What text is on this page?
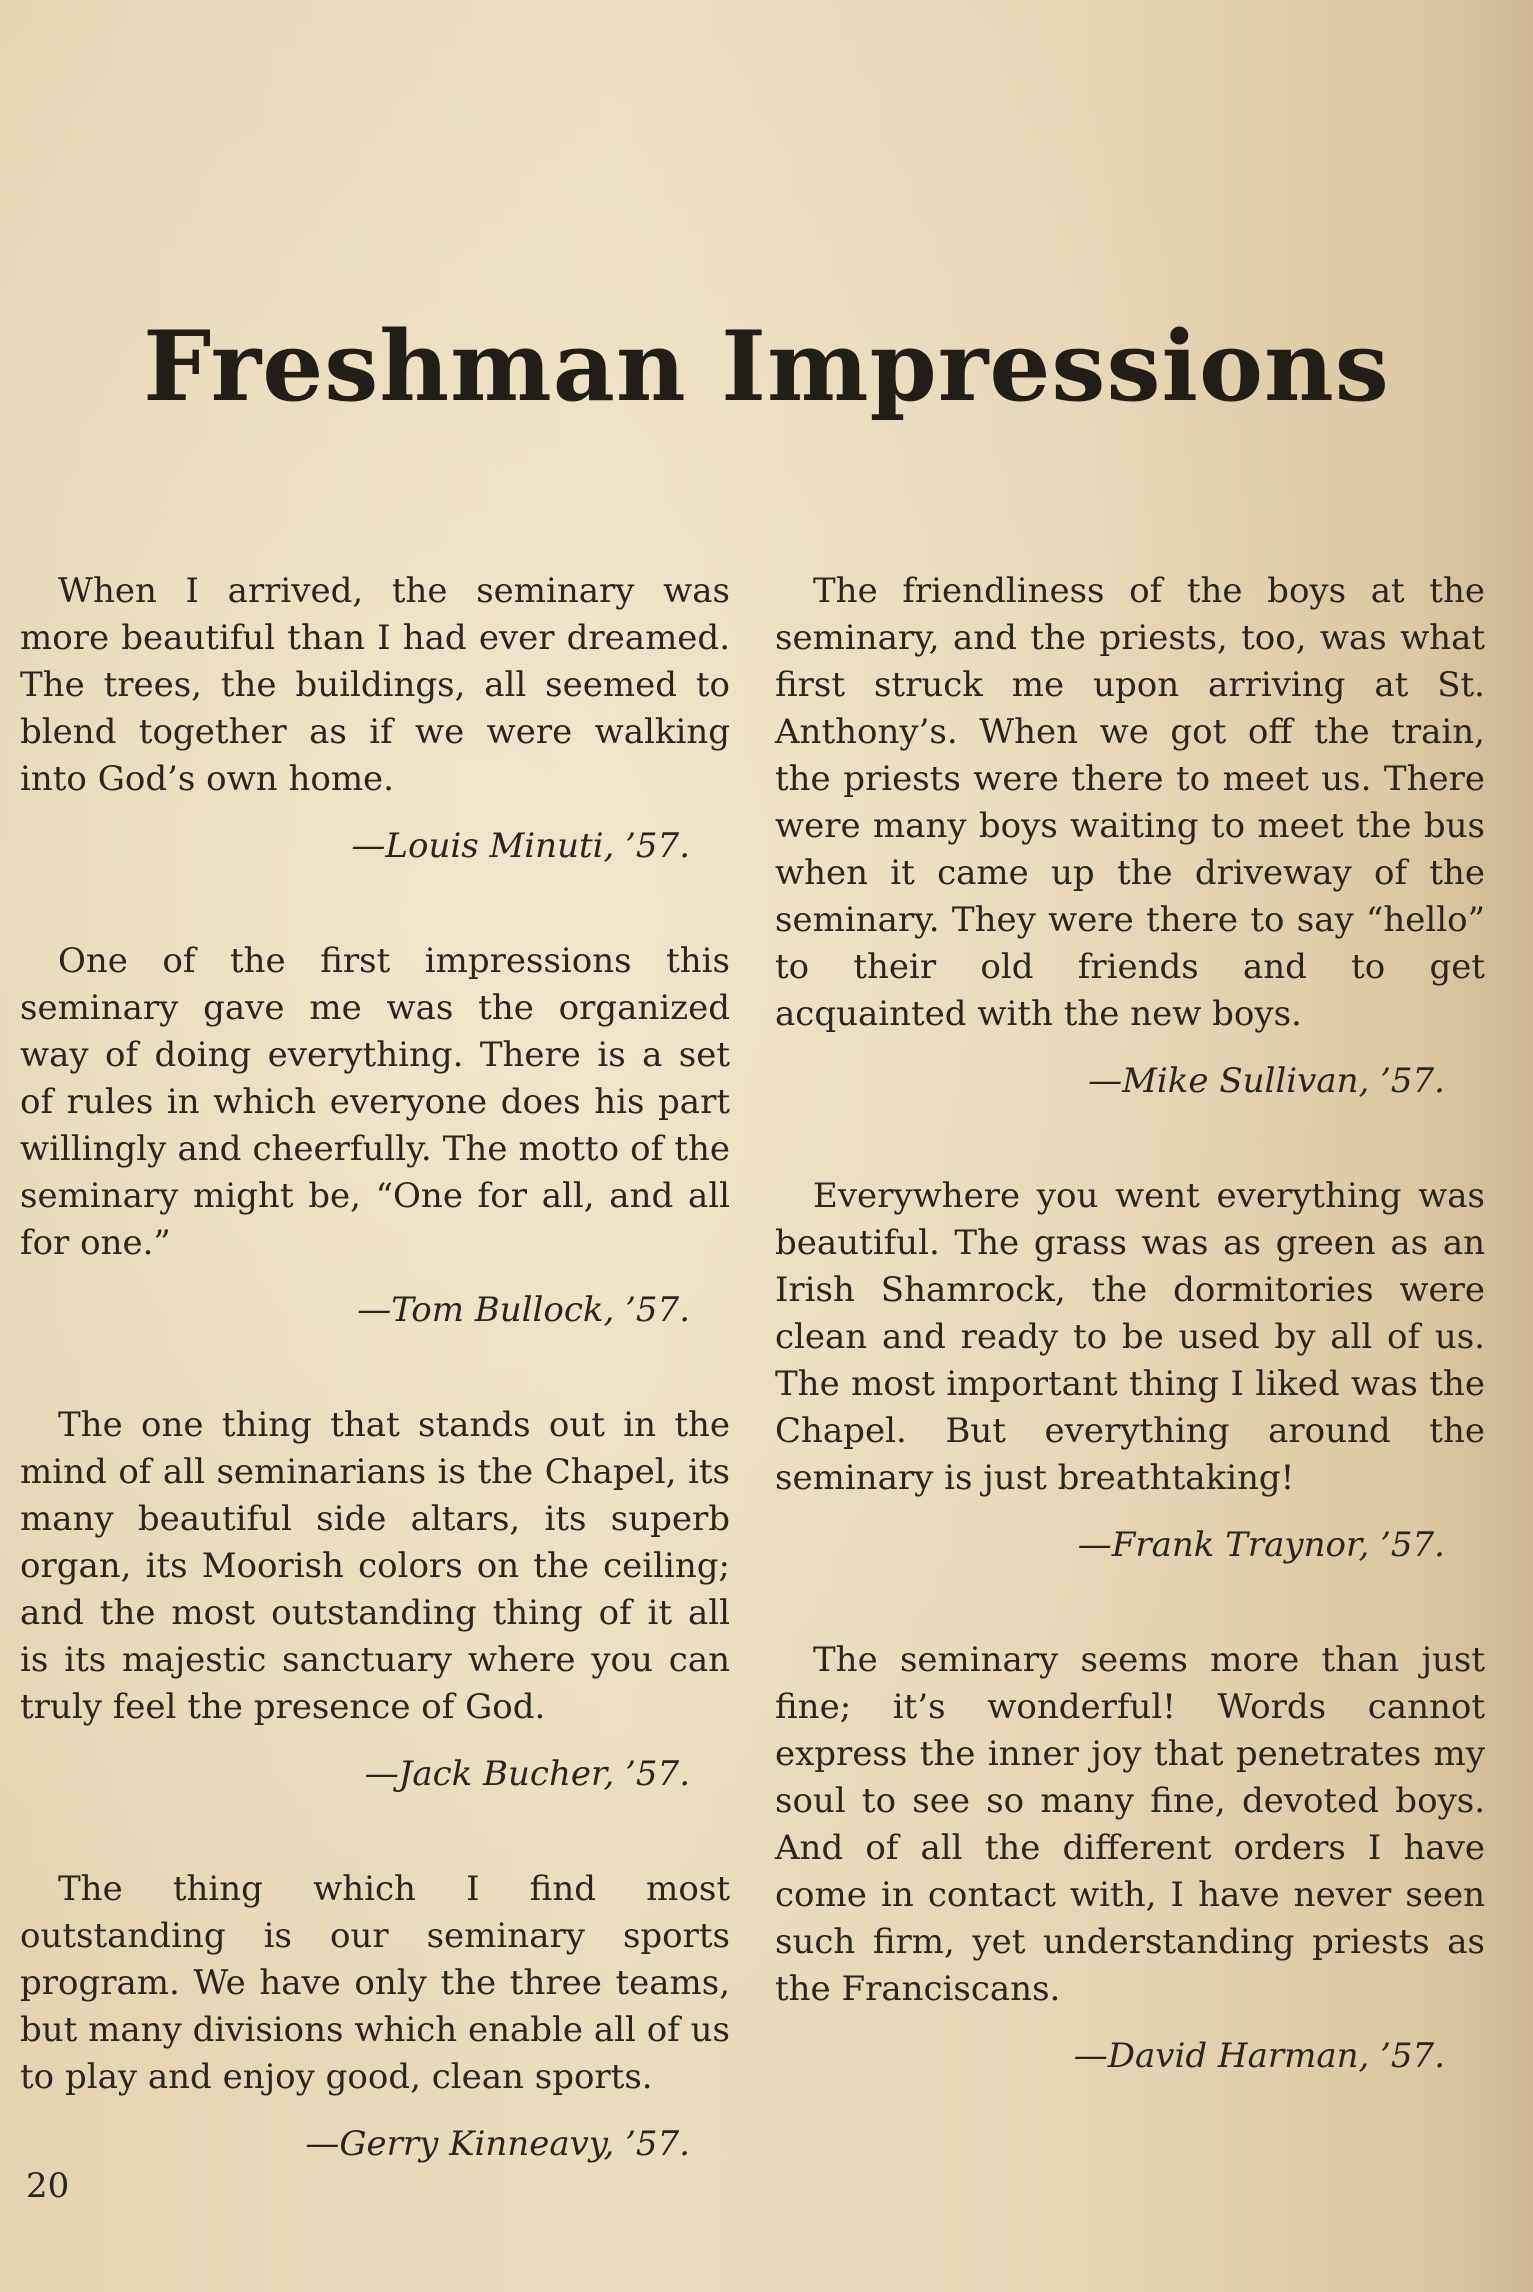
Freshman Impressions

When I arrived, the seminary was more beautiful than I had ever dreamed. The trees, the buildings, all seemed to blend together as if we were walking into God’s own home.

—Louis Minuti, ’57.

One of the first impressions this seminary gave me was the organized way of doing everything. There is a set of rules in which everyone does his part willingly and cheerfully. The motto of the seminary might be, “One for all, and all for one.”

—Tom Bullock, ’57.

The one thing that stands out in the mind of all seminarians is the Chapel, its many beautiful side altars, its superb organ, its Moorish colors on the ceiling; and the most outstanding thing of it all is its majestic sanctuary where you can truly feel the presence of God.

—Jack Bucher, ’57.

The thing which I find most outstanding is our seminary sports program. We have only the three teams, but many divisions which enable all of us to play and enjoy good, clean sports.

—Gerry Kinneavy, ’57.

The friendliness of the boys at the seminary, and the priests, too, was what first struck me upon arriving at St. Anthony’s. When we got off the train, the priests were there to meet us. There were many boys waiting to meet the bus when it came up the driveway of the seminary. They were there to say “hello” to their old friends and to get acquainted with the new boys.

—Mike Sullivan, ’57.

Everywhere you went everything was beautiful. The grass was as green as an Irish Shamrock, the dormitories were clean and ready to be used by all of us. The most important thing I liked was the Chapel. But everything around the seminary is just breathtaking!

—Frank Traynor, ’57.

The seminary seems more than just fine; it’s wonderful! Words cannot express the inner joy that penetrates my soul to see so many fine, devoted boys. And of all the different orders I have come in contact with, I have never seen such firm, yet understanding priests as the Franciscans.

—David Harman, ’57.

20
